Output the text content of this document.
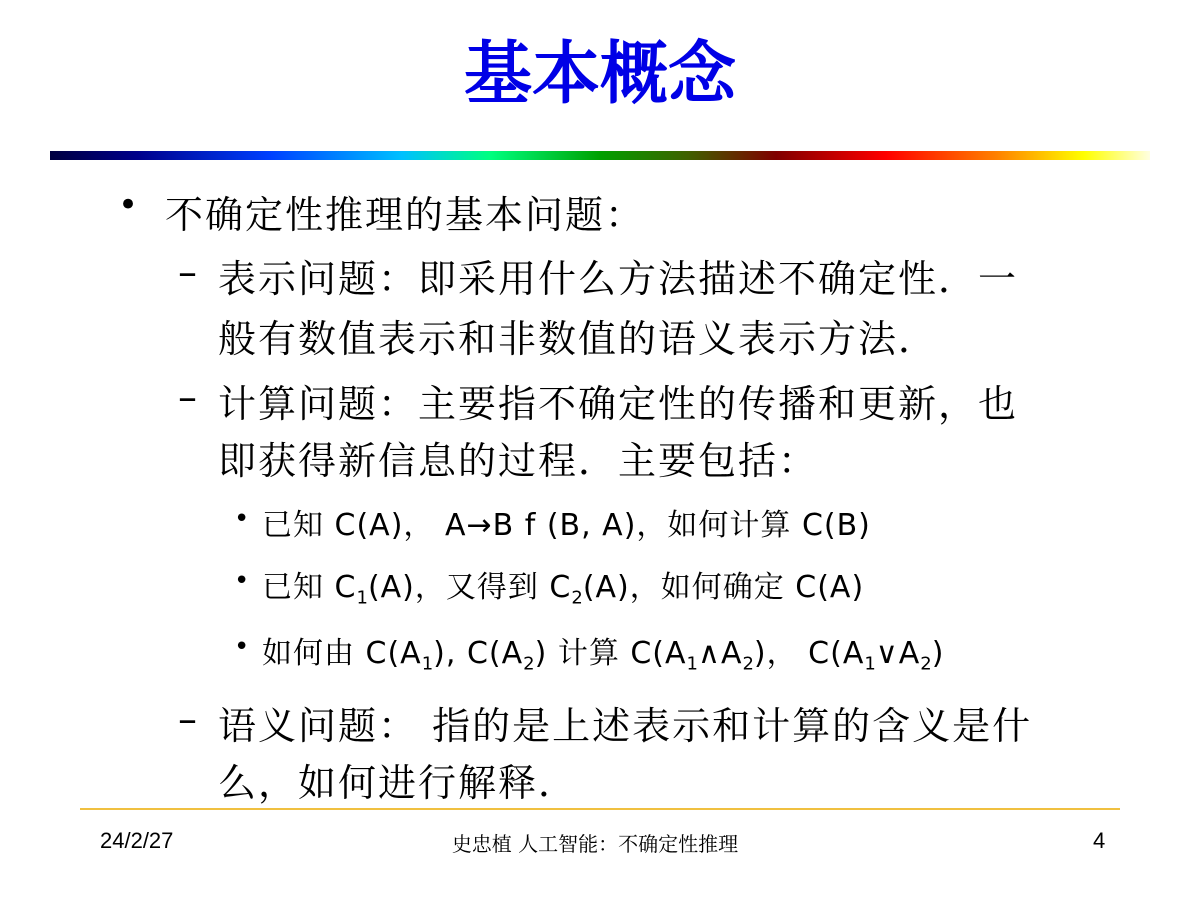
基本概念
• 不确定性推理的基本问题：
– 表示问题：即采用什么方法描述不确定性．一
般有数值表示和非数值的语义表示方法．
– 计算问题：主要指不确定性的传播和更新，也
即获得新信息的过程．主要包括：
• 已知 C(A)， A→B f (B, A)，如何计算 C(B)
• 已知 $C_1(A)$，又得到 $C_2(A)$，如何确定 C(A)
• 如何由 $C(A_1)$, $C(A_2)$ 计算 $C(A_1\wedge A_2)$， $C(A_1\vee A_2)$
– 语义问题： 指的是上述表示和计算的含义是什
么，如何进行解释．
24/2/27	史忠植 人工智能：不确定性推理	4
